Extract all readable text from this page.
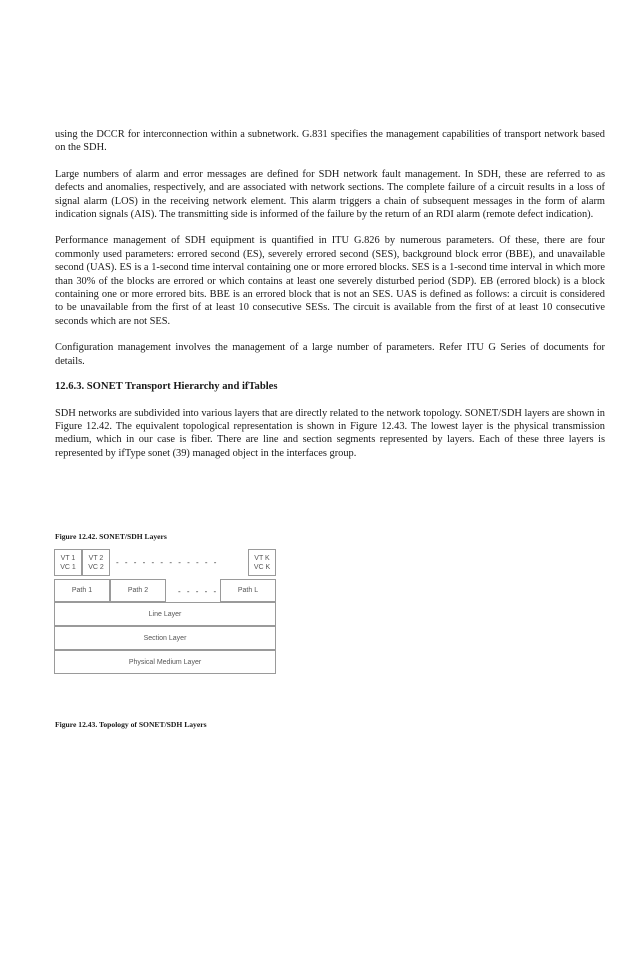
using the DCCR for interconnection within a subnetwork. G.831 specifies the management capabilities of transport network based on the SDH.

Large numbers of alarm and error messages are defined for SDH network fault management. In SDH, these are referred to as defects and anomalies, respectively, and are associated with network sections. The complete failure of a circuit results in a loss of signal alarm (LOS) in the receiving network element. This alarm triggers a chain of subsequent messages in the form of alarm indication signals (AIS). The transmitting side is informed of the failure by the return of an RDI alarm (remote defect indication).

Performance management of SDH equipment is quantified in ITU G.826 by numerous parameters. Of these, there are four commonly used parameters: errored second (ES), severely errored second (SES), background block error (BBE), and unavailable second (UAS). ES is a 1-second time interval containing one or more errored blocks. SES is a 1-second time interval in which more than 30% of the blocks are errored or which contains at least one severely disturbed period (SDP). EB (errored block) is a block containing one or more errored bits. BBE is an errored block that is not an SES. UAS is defined as follows: a circuit is considered to be unavailable from the first of at least 10 consecutive SESs. The circuit is available from the first of at least 10 consecutive seconds which are not SES.

Configuration management involves the management of a large number of parameters. Refer ITU G Series of documents for details.

12.6.3. SONET Transport Hierarchy and ifTables

SDH networks are subdivided into various layers that are directly related to the network topology. SONET/SDH layers are shown in Figure 12.42. The equivalent topological representation is shown in Figure 12.43. The lowest layer is the physical transmission medium, which in our case is fiber. There are line and section segments represented by layers. Each of these three layers is represented by ifType sonet (39) managed object in the interfaces group.

Figure 12.42. SONET/SDH Layers

VT 1
VC 1
VT 2
VC 2 - - - - - - - - - - - -	VT K
VC K
Path 1	Path 2	- - - - -	Path L
Line Layer
Section Layer
Physical Medium Layer

Figure 12.43. Topology of SONET/SDH Layers
